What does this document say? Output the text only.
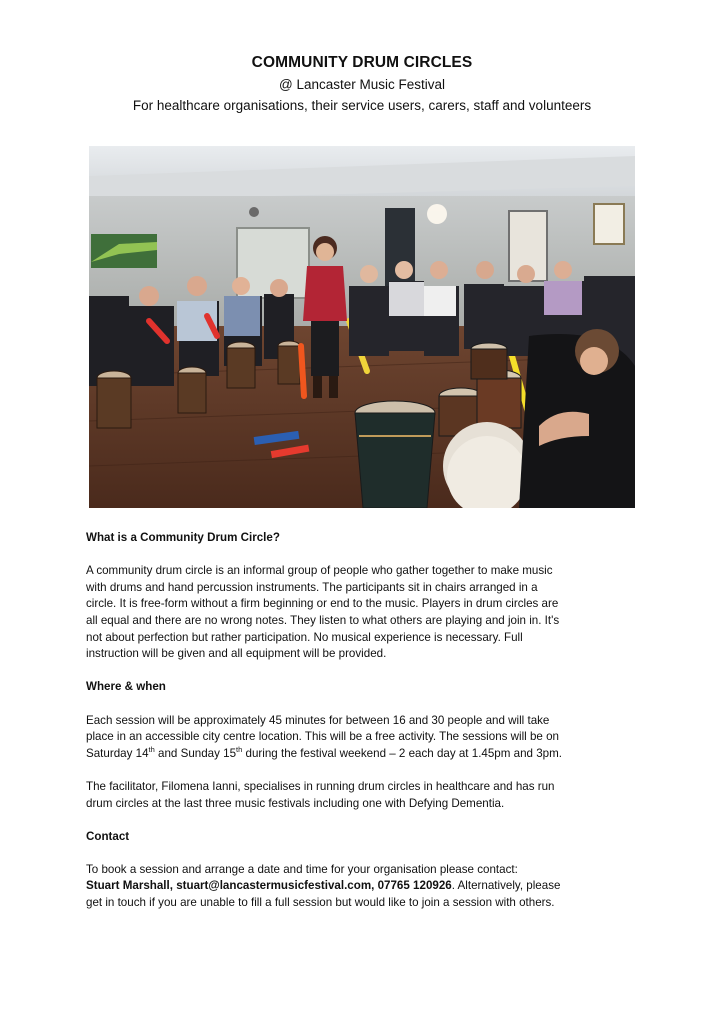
COMMUNITY DRUM CIRCLES

@ Lancaster Music Festival

For healthcare organisations, their service users, carers, staff and volunteers

What is a Community Drum Circle?

A community drum circle is an informal group of people who gather together to make music

with drums and hand percussion instruments. The participants sit in chairs arranged in a

circle. It is free-form without a firm beginning or end to the music. Players in drum circles are

all equal and there are no wrong notes. They listen to what others are playing and join in. It's

not about perfection but rather participation. No musical experience is necessary. Full

instruction will be given and all equipment will be provided.

Where & when

Each session will be approximately 45 minutes for between 16 and 30 people and will take

place in an accessible city centre location. This will be a free activity. The sessions will be on

Saturday 14th and Sunday 15th during the festival weekend – 2 each day at 1.45pm and 3pm.

The facilitator, Filomena Ianni, specialises in running drum circles in healthcare and has run

drum circles at the last three music festivals including one with Defying Dementia.

Contact

To book a session and arrange a date and time for your organisation please contact:

Stuart Marshall, stuart@lancastermusicfestival.com, 07765 120926. Alternatively, please

get in touch if you are unable to fill a full session but would like to join a session with others.
